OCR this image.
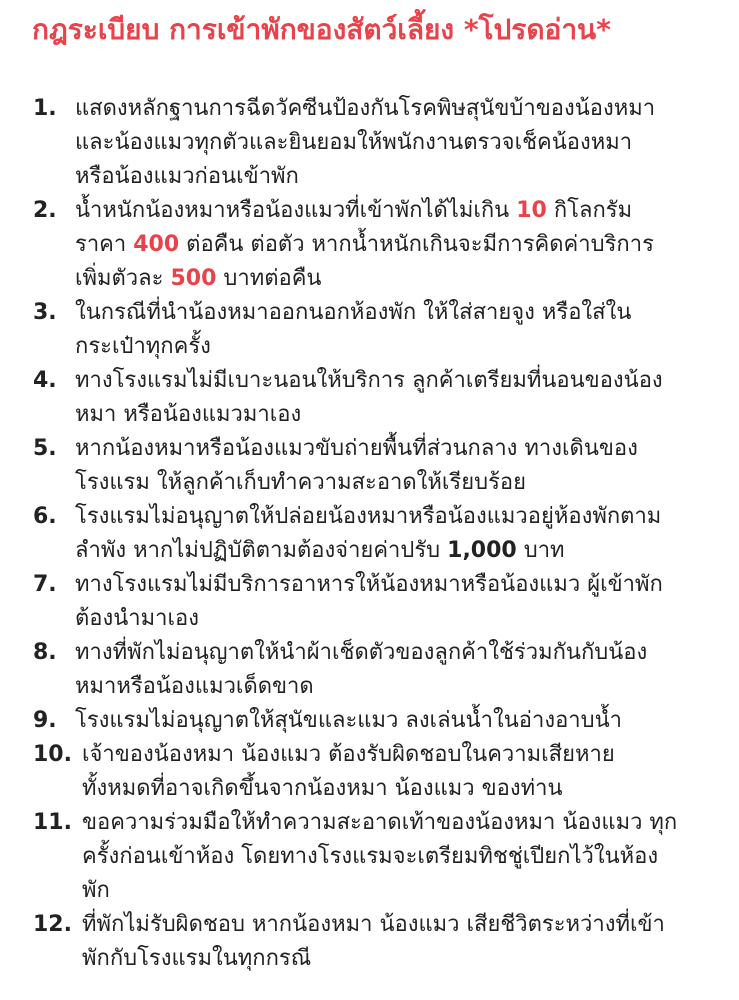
กฎระเบียบ การเข้าพักของสัตว์เลี้ยง *โปรดอ่าน*
1. แสดงหลักฐานการฉีดวัคซีนป้องกันโรคพิษสุนัขบ้าของน้องหมา
และน้องแมวทุกตัวและยินยอมให้พนักงานตรวจเช็คน้องหมา
หรือน้องแมวก่อนเข้าพัก
2. น้ำหนักน้องหมาหรือน้องแมวที่เข้าพักได้ไม่เกิน 10 กิโลกรัม
ราคา 400 ต่อคืน ต่อตัว หากน้ำหนักเกินจะมีการคิดค่าบริการ
เพิ่มตัวละ 500 บาทต่อคืน
3. ในกรณีที่นำน้องหมาออกนอกห้องพัก ให้ใส่สายจูง หรือใส่ใน
กระเป๋าทุกครั้ง
4. ทางโรงแรมไม่มีเบาะนอนให้บริการ ลูกค้าเตรียมที่นอนของน้อง
หมา หรือน้องแมวมาเอง
5. หากน้องหมาหรือน้องแมวขับถ่ายพื้นที่ส่วนกลาง ทางเดินของ
โรงแรม ให้ลูกค้าเก็บทำความสะอาดให้เรียบร้อย
6. โรงแรมไม่อนุญาตให้ปล่อยน้องหมาหรือน้องแมวอยู่ห้องพักตาม
ลำพัง หากไม่ปฏิบัติตามต้องจ่ายค่าปรับ 1,000 บาท
7. ทางโรงแรมไม่มีบริการอาหารให้น้องหมาหรือน้องแมว ผู้เข้าพัก
ต้องนำมาเอง
8. ทางที่พักไม่อนุญาตให้นำผ้าเช็ดตัวของลูกค้าใช้ร่วมกันกับน้อง
หมาหรือน้องแมวเด็ดขาด
9. โรงแรมไม่อนุญาตให้สุนัขและแมว ลงเล่นน้ำในอ่างอาบน้ำ
10. เจ้าของน้องหมา น้องแมว ต้องรับผิดชอบในความเสียหาย
ทั้งหมดที่อาจเกิดขึ้นจากน้องหมา น้องแมว ของท่าน
11. ขอความร่วมมือให้ทำความสะอาดเท้าของน้องหมา น้องแมว ทุก
ครั้งก่อนเข้าห้อง โดยทางโรงแรมจะเตรียมทิชชู่เปียกไว้ในห้อง
พัก
12. ที่พักไม่รับผิดชอบ หากน้องหมา น้องแมว เสียชีวิตระหว่างที่เข้า
พักกับโรงแรมในทุกกรณี
